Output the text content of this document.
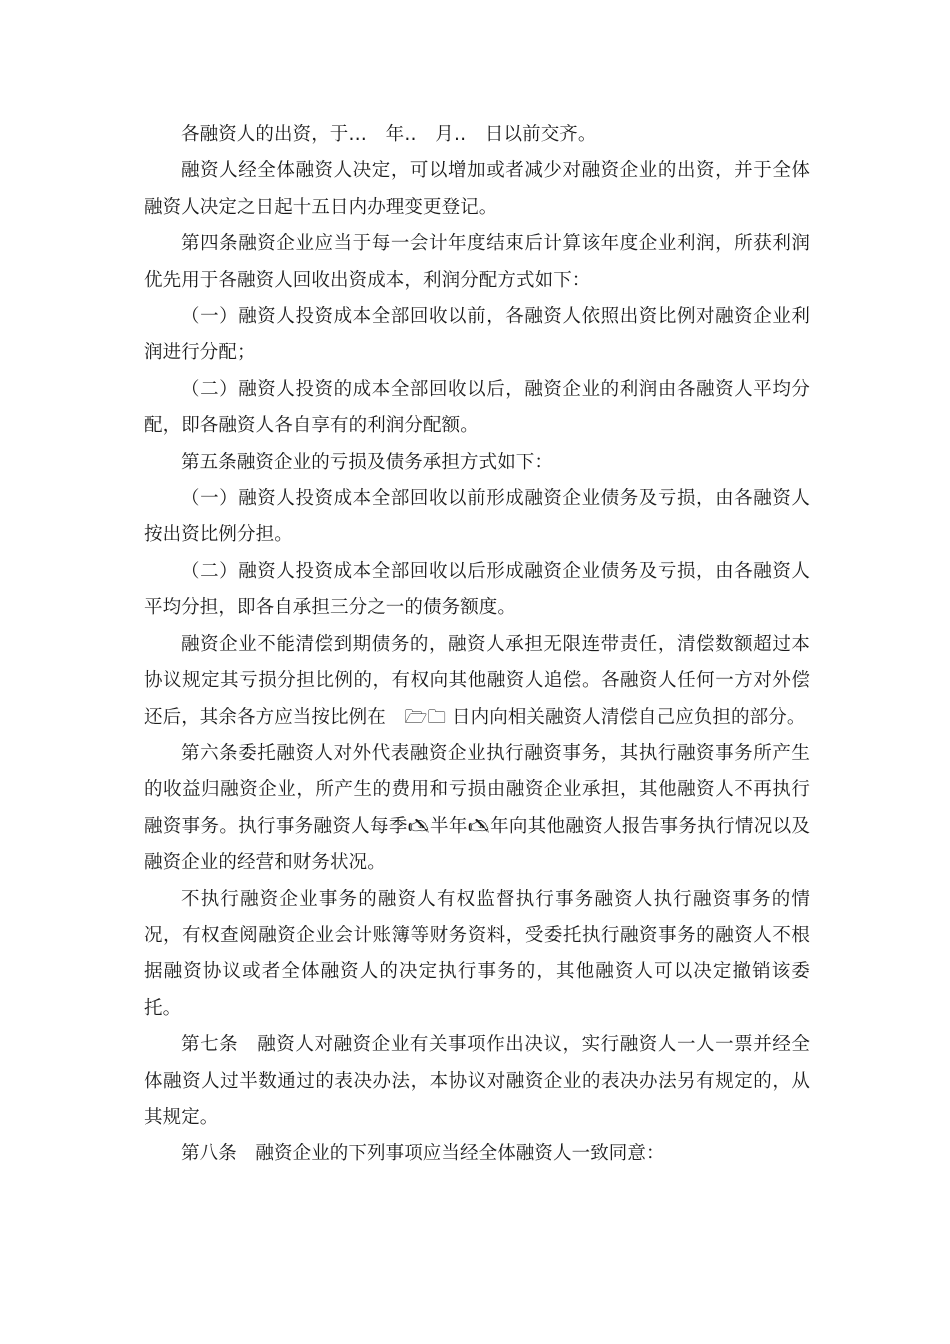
各融资人的出资，于…　年‥　月‥　日以前交齐。

融资人经全体融资人决定，可以增加或者减少对融资企业的出资，并于全体融资人决定之日起十五日内办理变更登记。

第四条融资企业应当于每一会计年度结束后计算该年度企业利润，所获利润优先用于各融资人回收出资成本，利润分配方式如下：

（一）融资人投资成本全部回收以前，各融资人依照出资比例对融资企业利润进行分配；

（二）融资人投资的成本全部回收以后，融资企业的利润由各融资人平均分配，即各融资人各自享有的利润分配额。

第五条融资企业的亏损及债务承担方式如下：

（一）融资人投资成本全部回收以前形成融资企业债务及亏损，由各融资人按出资比例分担。

（二）融资人投资成本全部回收以后形成融资企业债务及亏损，由各融资人平均分担，即各自承担三分之一的债务额度。

融资企业不能清偿到期债务的，融资人承担无限连带责任，清偿数额超过本协议规定其亏损分担比例的，有权向其他融资人追偿。各融资人任何一方对外偿还后，其余各方应当按比例在　🗁🗀 日内向相关融资人清偿自己应负担的部分。

第六条委托融资人对外代表融资企业执行融资事务，其执行融资事务所产生的收益归融资企业，所产生的费用和亏损由融资企业承担，其他融资人不再执行融资事务。执行事务融资人每季🖎半年🖎年向其他融资人报告事务执行情况以及融资企业的经营和财务状况。

不执行融资企业事务的融资人有权监督执行事务融资人执行融资事务的情况，有权查阅融资企业会计账簿等财务资料，受委托执行融资事务的融资人不根据融资协议或者全体融资人的决定执行事务的，其他融资人可以决定撤销该委托。

第七条　融资人对融资企业有关事项作出决议，实行融资人一人一票并经全体融资人过半数通过的表决办法，本协议对融资企业的表决办法另有规定的，从其规定。

第八条　融资企业的下列事项应当经全体融资人一致同意：
